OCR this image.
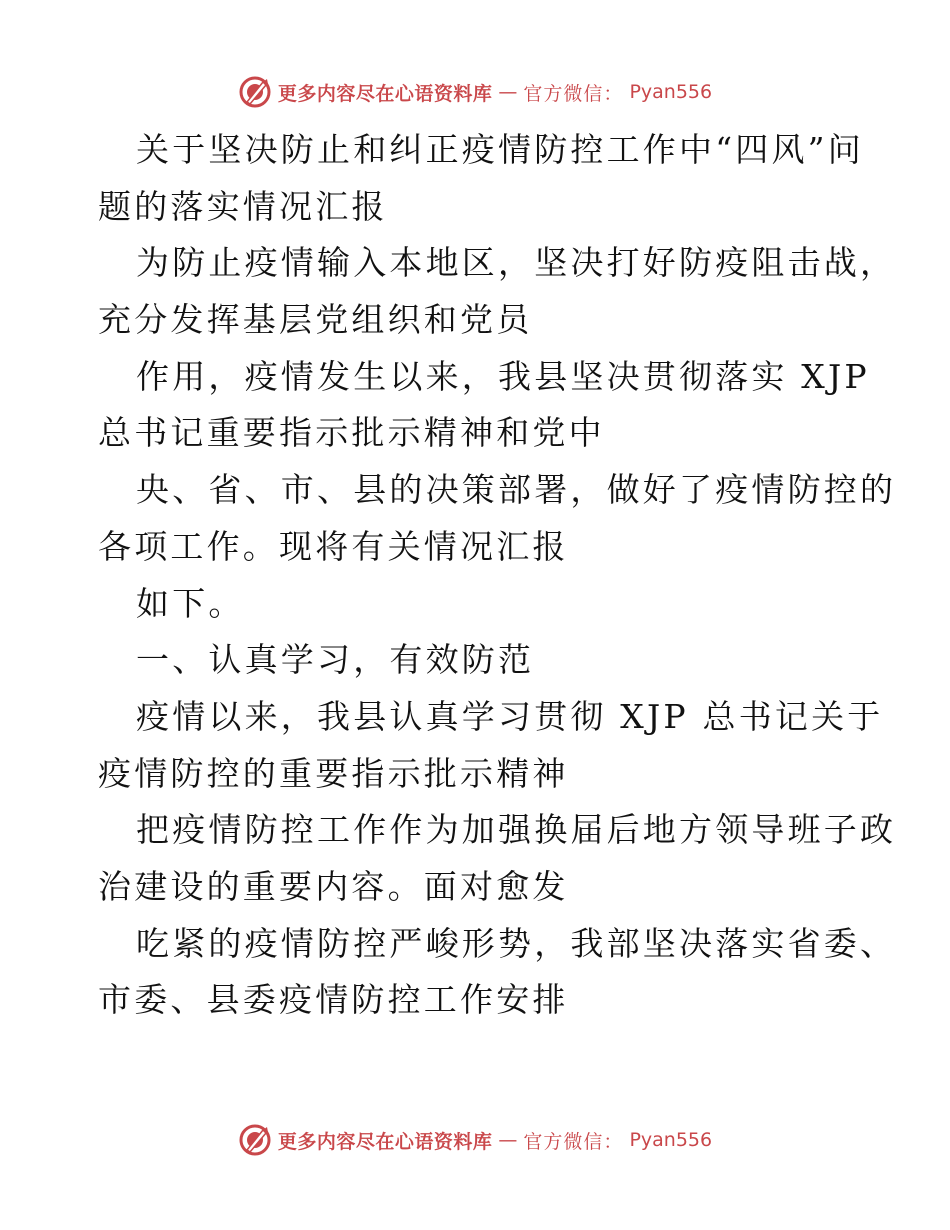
更多内容尽在心语资料库 — 官方微信： Pyan556
关于坚决防止和纠正疫情防控工作中“四风”问
题的落实情况汇报
为防止疫情输入本地区，坚决打好防疫阻击战，
充分发挥基层党组织和党员
作用，疫情发生以来，我县坚决贯彻落实 XJP
总书记重要指示批示精神和党中
央、省、市、县的决策部署，做好了疫情防控的
各项工作。现将有关情况汇报
如下。
一、认真学习，有效防范
疫情以来，我县认真学习贯彻 XJP 总书记关于
疫情防控的重要指示批示精神
把疫情防控工作作为加强换届后地方领导班子政
治建设的重要内容。面对愈发
吃紧的疫情防控严峻形势，我部坚决落实省委、
市委、县委疫情防控工作安排
更多内容尽在心语资料库 — 官方微信： Pyan556
